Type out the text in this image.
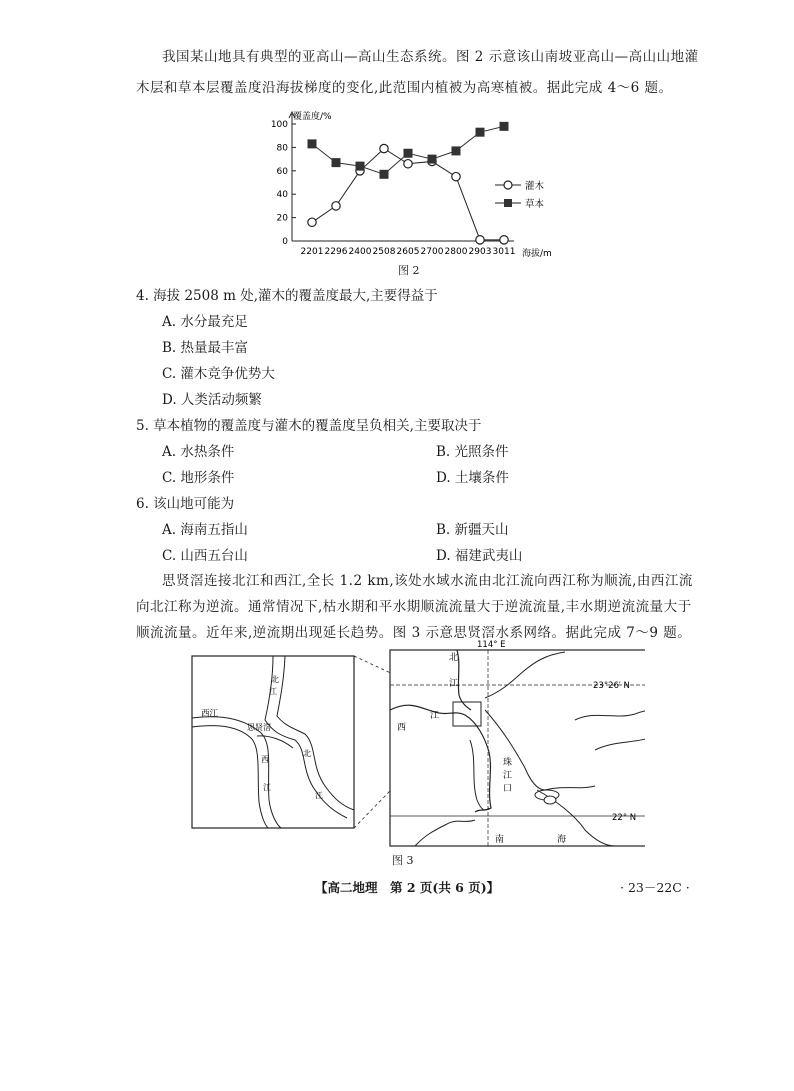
我国某山地具有典型的亚高山—高山生态系统。图 2 示意该山南坡亚高山—高山山地灌
木层和草本层覆盖度沿海拔梯度的变化,此范围内植被为高寒植被。据此完成 4～6 题。
覆盖度/%
0
20
40
60
80
100
2201 2296 2400 2508 2605 2700 2800 2903 3011 海拔/m
灌木
草本
图 2
4. 海拔 2508 m 处,灌木的覆盖度最大,主要得益于
A. 水分最充足
B. 热量最丰富
C. 灌木竞争优势大
D. 人类活动频繁
5. 草本植物的覆盖度与灌木的覆盖度呈负相关,主要取决于
A. 水热条件	B. 光照条件
C. 地形条件	D. 土壤条件
6. 该山地可能为
A. 海南五指山	B. 新疆天山
C. 山西五台山	D. 福建武夷山
思贤滘连接北江和西江,全长 1.2 km,该处水域水流由北江流向西江称为顺流,由西江流
向北江称为逆流。通常情况下,枯水期和平水期顺流流量大于逆流流量,丰水期逆流流量大于
顺流流量。近年来,逆流期出现延长趋势。图 3 示意思贤滘水系网络。据此完成 7～9 题。
西江
思贤滘
北
江
北
江
西
江
北
江
西
江
珠
江
口
南	海
114° E
23°26′ N
22° N
图 3
【高二地理　第 2 页(共 6 页)】	· 23－22C ·
